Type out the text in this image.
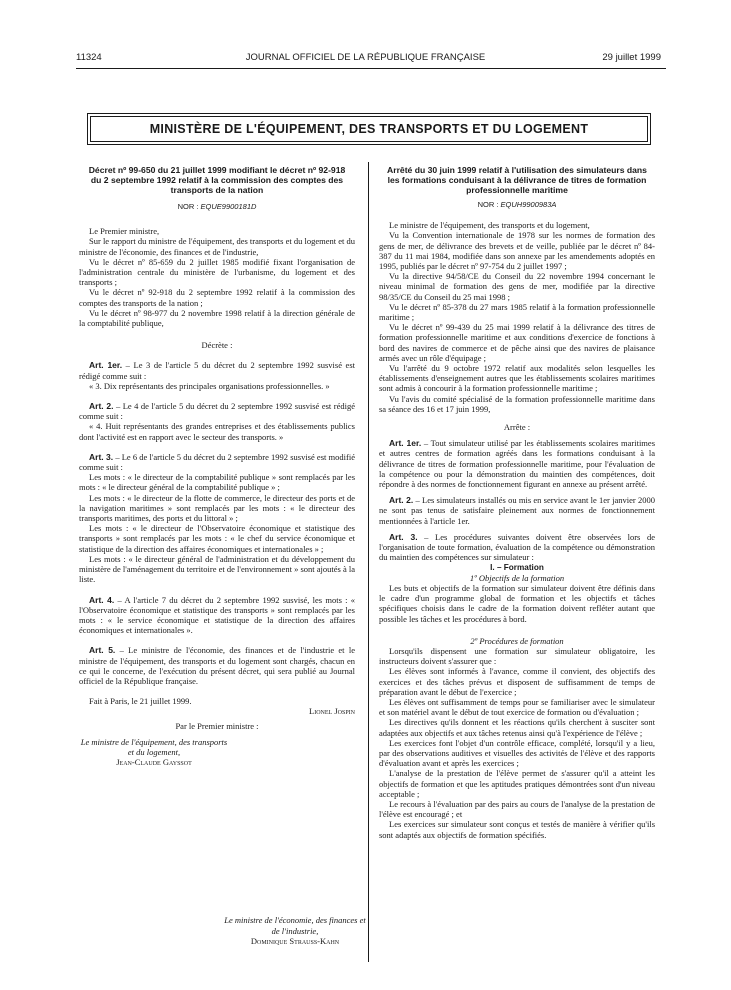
11324	JOURNAL OFFICIEL DE LA RÉPUBLIQUE FRANÇAISE	29 juillet 1999
MINISTÈRE DE L'ÉQUIPEMENT, DES TRANSPORTS ET DU LOGEMENT
Décret nº 99-650 du 21 juillet 1999 modifiant le décret nº 92-918 du 2 septembre 1992 relatif à la commission des comptes des transports de la nation
NOR : EQUE9900181D

Le Premier ministre,

Sur le rapport du ministre de l'équipement, des transports et du logement et du ministre de l'économie, des finances et de l'industrie,

Vu le décret nº 85-659 du 2 juillet 1985 modifié fixant l'organisation de l'administration centrale du ministère de l'urbanisme, du logement et des transports ;

Vu le décret nº 92-918 du 2 septembre 1992 relatif à la commission des comptes des transports de la nation ;

Vu le décret nº 98-977 du 2 novembre 1998 relatif à la direction générale de la comptabilité publique,

Décrète :

Art. 1er. – Le 3 de l'article 5 du décret du 2 septembre 1992 susvisé est rédigé comme suit :

« 3. Dix représentants des principales organisations professionnelles. »

Art. 2. – Le 4 de l'article 5 du décret du 2 septembre 1992 susvisé est rédigé comme suit :

« 4. Huit représentants des grandes entreprises et des établissements publics dont l'activité est en rapport avec le secteur des transports. »

Art. 3. – Le 6 de l'article 5 du décret du 2 septembre 1992 susvisé est modifié comme suit :

Les mots : « le directeur de la comptabilité publique » sont remplacés par les mots : « le directeur général de la comptabilité publique » ;

Les mots : « le directeur de la flotte de commerce, le directeur des ports et de la navigation maritimes » sont remplacés par les mots : « le directeur des transports maritimes, des ports et du littoral » ;

Les mots : « le directeur de l'Observatoire économique et statistique des transports » sont remplacés par les mots : « le chef du service économique et statistique de la direction des affaires économiques et internationales » ;

Les mots : « le directeur général de l'administration et du développement du ministère de l'aménagement du territoire et de l'environnement » sont ajoutés à la liste.

Art. 4. – A l'article 7 du décret du 2 septembre 1992 susvisé, les mots : « l'Observatoire économique et statistique des transports » sont remplacés par les mots : « le service économique et statistique de la direction des affaires économiques et internationales ».

Art. 5. – Le ministre de l'économie, des finances et de l'industrie et le ministre de l'équipement, des transports et du logement sont chargés, chacun en ce qui le concerne, de l'exécution du présent décret, qui sera publié au Journal officiel de la République française.

Fait à Paris, le 21 juillet 1999.

Lionel Jospin

Par le Premier ministre :

Le ministre de l'équipement, des transports et du logement,
Jean-Claude Gayssot
Le ministre de l'économie, des finances et de l'industrie,
Dominique Strauss-Kahn
Arrêté du 30 juin 1999 relatif à l'utilisation des simulateurs dans les formations conduisant à la délivrance de titres de formation professionnelle maritime
NOR : EQUH9900983A

Le ministre de l'équipement, des transports et du logement,

Vu la Convention internationale de 1978 sur les normes de formation des gens de mer, de délivrance des brevets et de veille, publiée par le décret nº 84-387 du 11 mai 1984, modifiée dans son annexe par les amendements adoptés en 1995, publiés par le décret nº 97-754 du 2 juillet 1997 ;

Vu la directive 94/58/CE du Conseil du 22 novembre 1994 concernant le niveau minimal de formation des gens de mer, modifiée par la directive 98/35/CE du Conseil du 25 mai 1998 ;

Vu le décret nº 85-378 du 27 mars 1985 relatif à la formation professionnelle maritime ;

Vu le décret nº 99-439 du 25 mai 1999 relatif à la délivrance des titres de formation professionnelle maritime et aux conditions d'exercice de fonctions à bord des navires de commerce et de pêche ainsi que des navires de plaisance armés avec un rôle d'équipage ;

Vu l'arrêté du 9 octobre 1972 relatif aux modalités selon lesquelles les établissements d'enseignement autres que les établissements scolaires maritimes sont admis à concourir à la formation professionnelle maritime ;

Vu l'avis du comité spécialisé de la formation professionnelle maritime dans sa séance des 16 et 17 juin 1999,

Arrête :

Art. 1er. – Tout simulateur utilisé par les établissements scolaires maritimes et autres centres de formation agréés dans les formations conduisant à la délivrance de titres de formation professionnelle maritime, pour l'évaluation de la compétence ou pour la démonstration du maintien des compétences, doit répondre à des normes de fonctionnement figurant en annexe au présent arrêté.

Art. 2. – Les simulateurs installés ou mis en service avant le 1er janvier 2000 ne sont pas tenus de satisfaire pleinement aux normes de fonctionnement mentionnées à l'article 1er.

Art. 3. – Les procédures suivantes doivent être observées lors de l'organisation de toute formation, évaluation de la compétence ou démonstration du maintien des compétences sur simulateur :

I. – Formation

1º Objectifs de la formation

Les buts et objectifs de la formation sur simulateur doivent être définis dans le cadre d'un programme global de formation et les objectifs et tâches spécifiques choisis dans le cadre de la formation doivent refléter autant que possible les tâches et les procédures à bord.

2º Procédures de formation

Lorsqu'ils dispensent une formation sur simulateur obligatoire, les instructeurs doivent s'assurer que :

Les élèves sont informés à l'avance, comme il convient, des objectifs des exercices et des tâches prévus et disposent de suffisamment de temps de préparation avant le début de l'exercice ;

Les élèves ont suffisamment de temps pour se familiariser avec le simulateur et son matériel avant le début de tout exercice de formation ou d'évaluation ;

Les directives qu'ils donnent et les réactions qu'ils cherchent à susciter sont adaptées aux objectifs et aux tâches retenus ainsi qu'à l'expérience de l'élève ;

Les exercices font l'objet d'un contrôle efficace, complété, lorsqu'il y a lieu, par des observations auditives et visuelles des activités de l'élève et des rapports d'évaluation avant et après les exercices ;

L'analyse de la prestation de l'élève permet de s'assurer qu'il a atteint les objectifs de formation et que les aptitudes pratiques démontrées sont d'un niveau acceptable ;

Le recours à l'évaluation par des pairs au cours de l'analyse de la prestation de l'élève est encouragé ; et

Les exercices sur simulateur sont conçus et testés de manière à vérifier qu'ils sont adaptés aux objectifs de formation spécifiés.
